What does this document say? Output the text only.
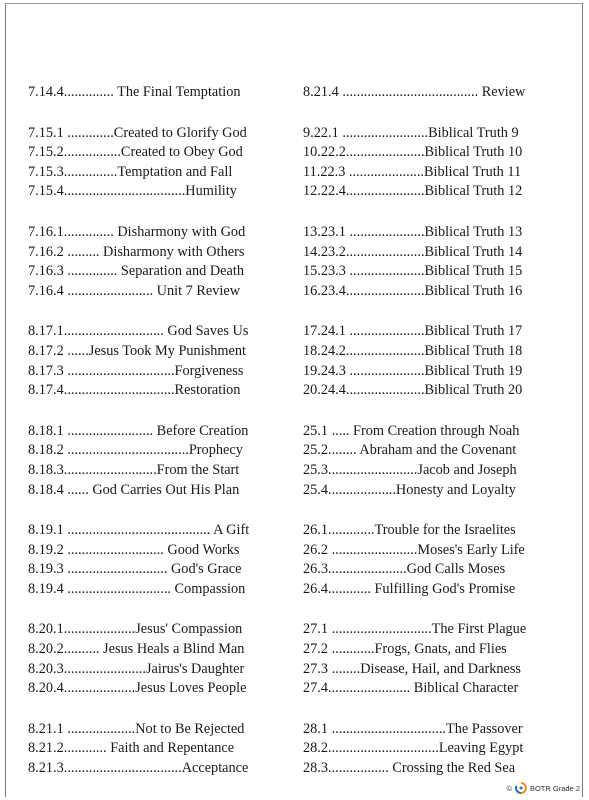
7.14.4.............. The Final Temptation
7.15.1 .............Created to Glorify God
7.15.2................Created to Obey God
7.15.3...............Temptation and Fall
7.15.4..................................Humility
7.16.1.............. Disharmony with God
7.16.2 ......... Disharmony with Others
7.16.3 .............. Separation and Death
7.16.4 ........................ Unit 7 Review
8.17.1............................ God Saves Us
8.17.2 ......Jesus Took My Punishment
8.17.3 ..............................Forgiveness
8.17.4...............................Restoration
8.18.1 ........................ Before Creation
8.18.2 ..................................Prophecy
8.18.3..........................From the Start
8.18.4 ...... God Carries Out His Plan
8.19.1 ........................................ A Gift
8.19.2 ........................... Good Works
8.19.3 ............................ God's Grace
8.19.4 ............................. Compassion
8.20.1....................Jesus' Compassion
8.20.2.......... Jesus Heals a Blind Man
8.20.3.......................Jairus's Daughter
8.20.4....................Jesus Loves People
8.21.1 ...................Not to Be Rejected
8.21.2............ Faith and Repentance
8.21.3.................................Acceptance
8.21.4 ...................................... Review
9.22.1 ........................Biblical Truth 9
10.22.2......................Biblical Truth 10
11.22.3 .....................Biblical Truth 11
12.22.4......................Biblical Truth 12
13.23.1 .....................Biblical Truth 13
14.23.2......................Biblical Truth 14
15.23.3 .....................Biblical Truth 15
16.23.4......................Biblical Truth 16
17.24.1 .....................Biblical Truth 17
18.24.2......................Biblical Truth 18
19.24.3 .....................Biblical Truth 19
20.24.4......................Biblical Truth 20
25.1 ..... From Creation through Noah
25.2........ Abraham and the Covenant
25.3.........................Jacob and Joseph
25.4...................Honesty and Loyalty
26.1.............Trouble for the Israelites
26.2 ........................Moses's Early Life
26.3......................God Calls Moses
26.4............ Fulfilling God's Promise
27.1 ............................The First Plague
27.2 ............Frogs, Gnats, and Flies
27.3 ........Disease, Hail, and Darkness
27.4....................... Biblical Character
28.1 ................................The Passover
28.2...............................Leaving Egypt
28.3................. Crossing the Red Sea
© BOTR Grade 2
